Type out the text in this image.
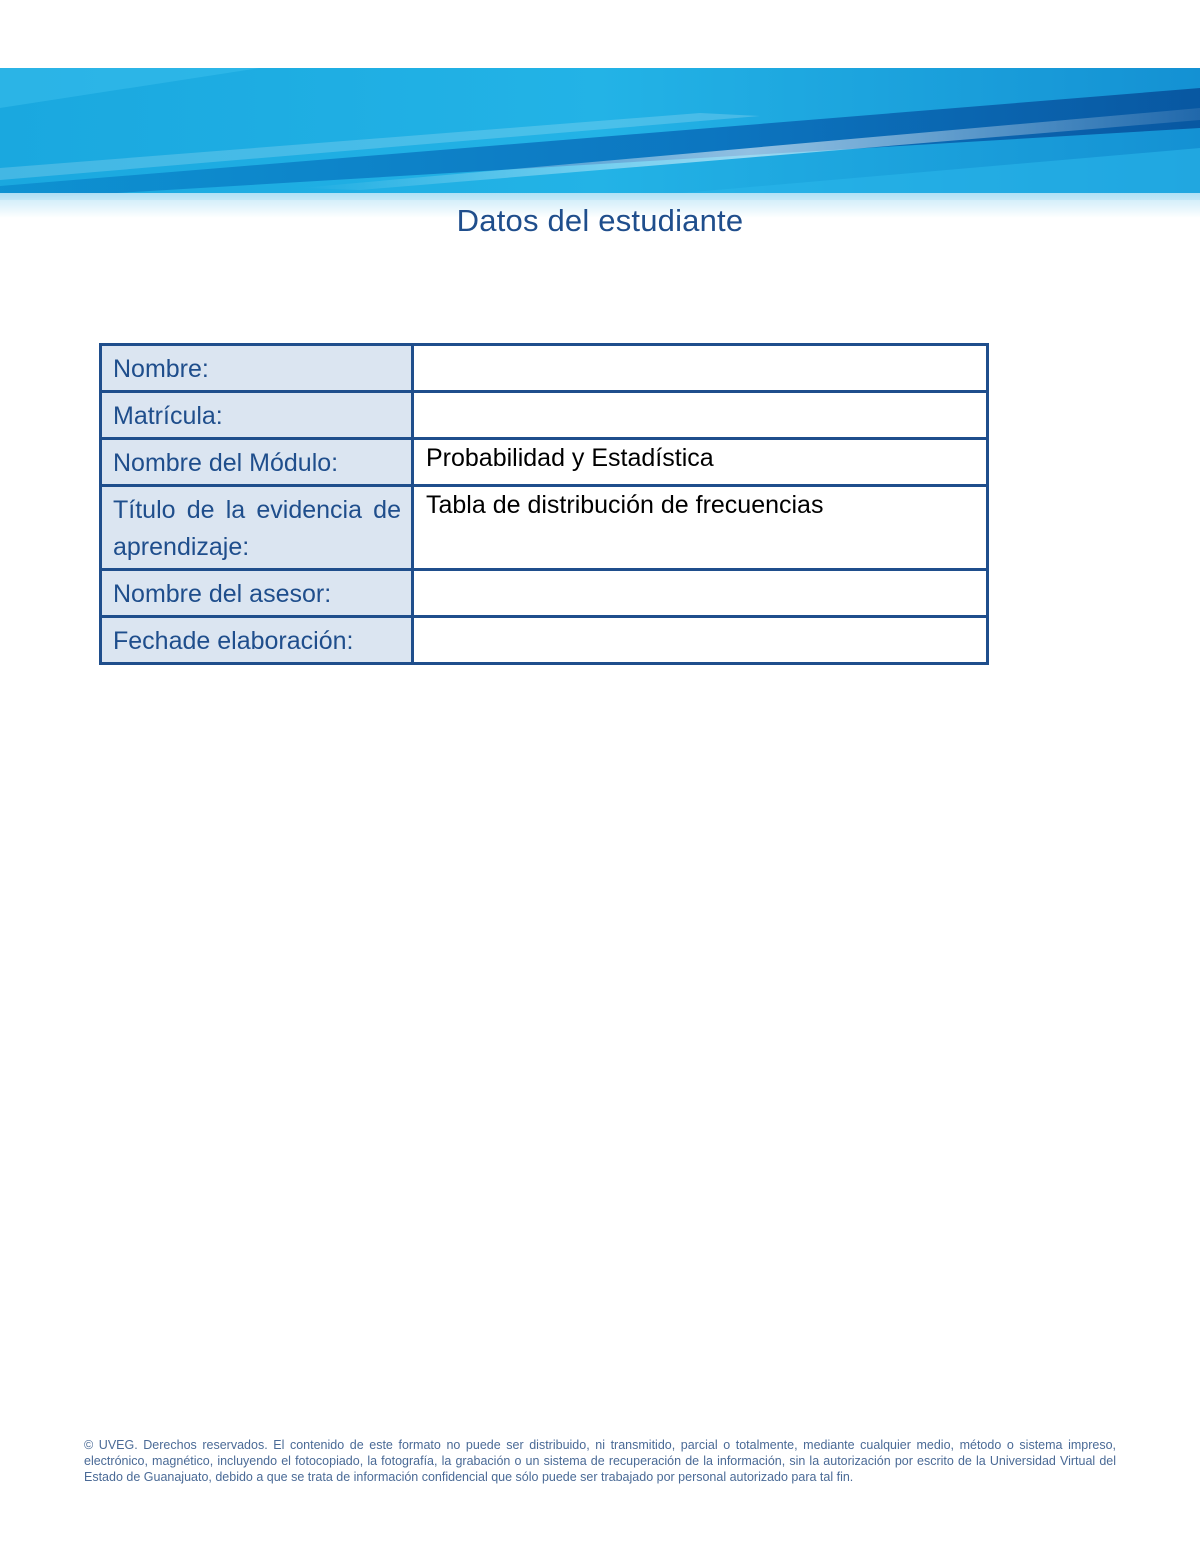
Datos del estudiante
Nombre:	
Matrícula:	
Nombre del Módulo:	Probabilidad y Estadística
Título de la evidencia de aprendizaje:	Tabla de distribución de frecuencias
Nombre del asesor:	
Fechade elaboración:	
© UVEG. Derechos reservados. El contenido de este formato no puede ser distribuido, ni transmitido, parcial o totalmente, mediante cualquier medio, método o sistema impreso, electrónico, magnético, incluyendo el fotocopiado, la fotografía, la grabación o un sistema de recuperación de la información, sin la autorización por escrito de la Universidad Virtual del Estado de Guanajuato, debido a que se trata de información confidencial que sólo puede ser trabajado por personal autorizado para tal fin.
